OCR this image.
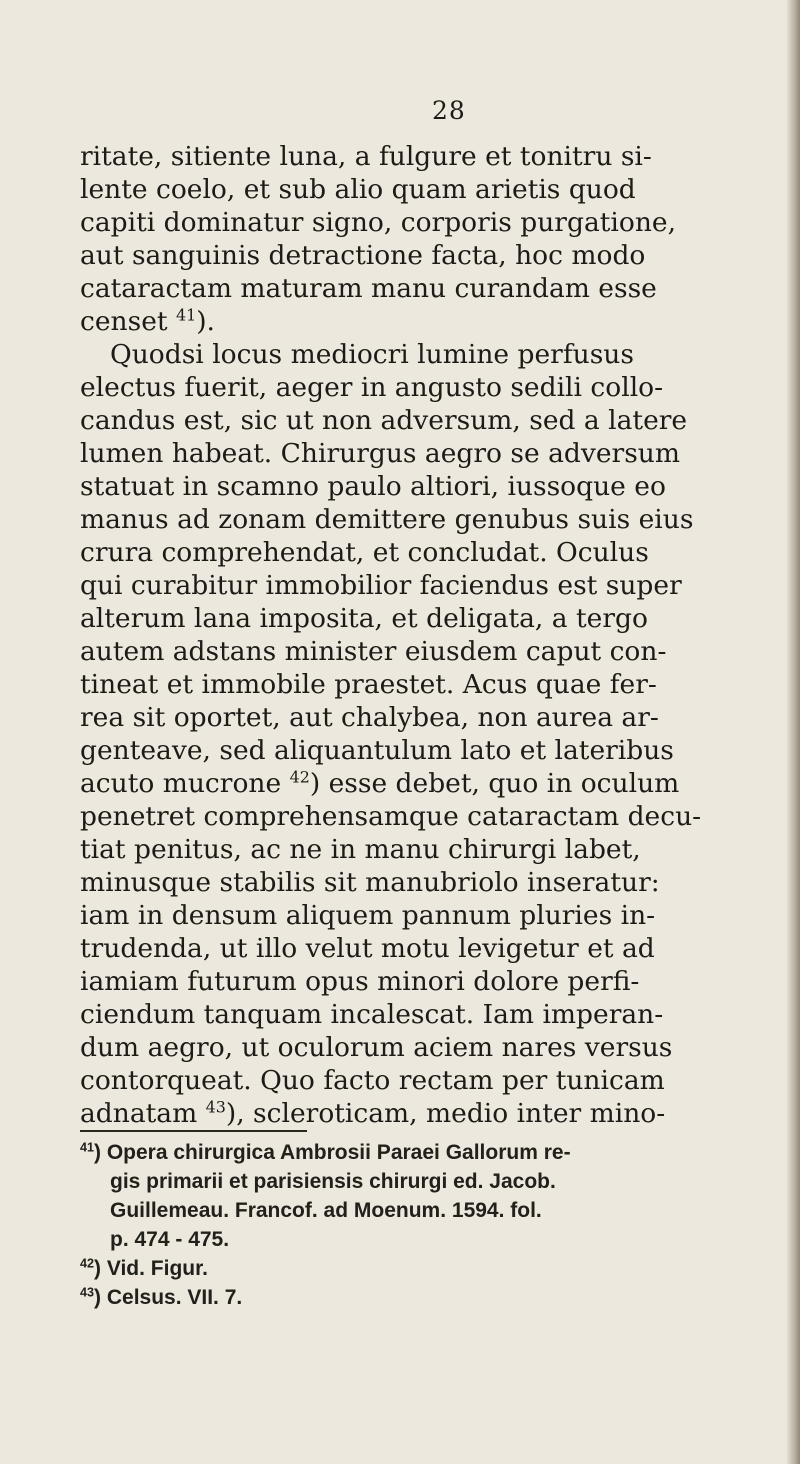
28
ritate, sitiente luna, a fulgure et tonitru si-
lente coelo, et sub alio quam arietis quod
capiti dominatur signo, corporis purgatione,
aut sanguinis detractione facta, hoc modo
cataractam maturam manu curandam esse
censet $^{41}$).
Quodsi locus mediocri lumine perfusus
electus fuerit, aeger in angusto sedili collo-
candus est, sic ut non adversum, sed a latere
lumen habeat. Chirurgus aegro se adversum
statuat in scamno paulo altiori, iussoque eo
manus ad zonam demittere genubus suis eius
crura comprehendat, et concludat. Oculus
qui curabitur immobilior faciendus est super
alterum lana imposita, et deligata, a tergo
autem adstans minister eiusdem caput con-
tineat et immobile praestet. Acus quae fer-
rea sit oportet, aut chalybea, non aurea ar-
genteave, sed aliquantulum lato et lateribus
acuto mucrone $^{42}$) esse debet, quo in oculum
penetret comprehensamque cataractam decu-
tiat penitus, ac ne in manu chirurgi labet,
minusque stabilis sit manubriolo inseratur:
iam in densum aliquem pannum pluries in-
trudenda, ut illo velut motu levigetur et ad
iamiam futurum opus minori dolore perfi-
ciendum tanquam incalescat. Iam imperan-
dum aegro, ut oculorum aciem nares versus
contorqueat. Quo facto rectam per tunicam
adnatam $^{43}$), scleroticam, medio inter mino-
$^{41}$) Opera chirurgica Ambrosii Paraei Gallorum re-
gis primarii et parisiensis chirurgi ed. Jacob.
Guillemeau. Francof. ad Moenum. 1594. fol.
p. 474 - 475.
$^{42}$) Vid. Figur.
$^{43}$) Celsus. VII. 7.
